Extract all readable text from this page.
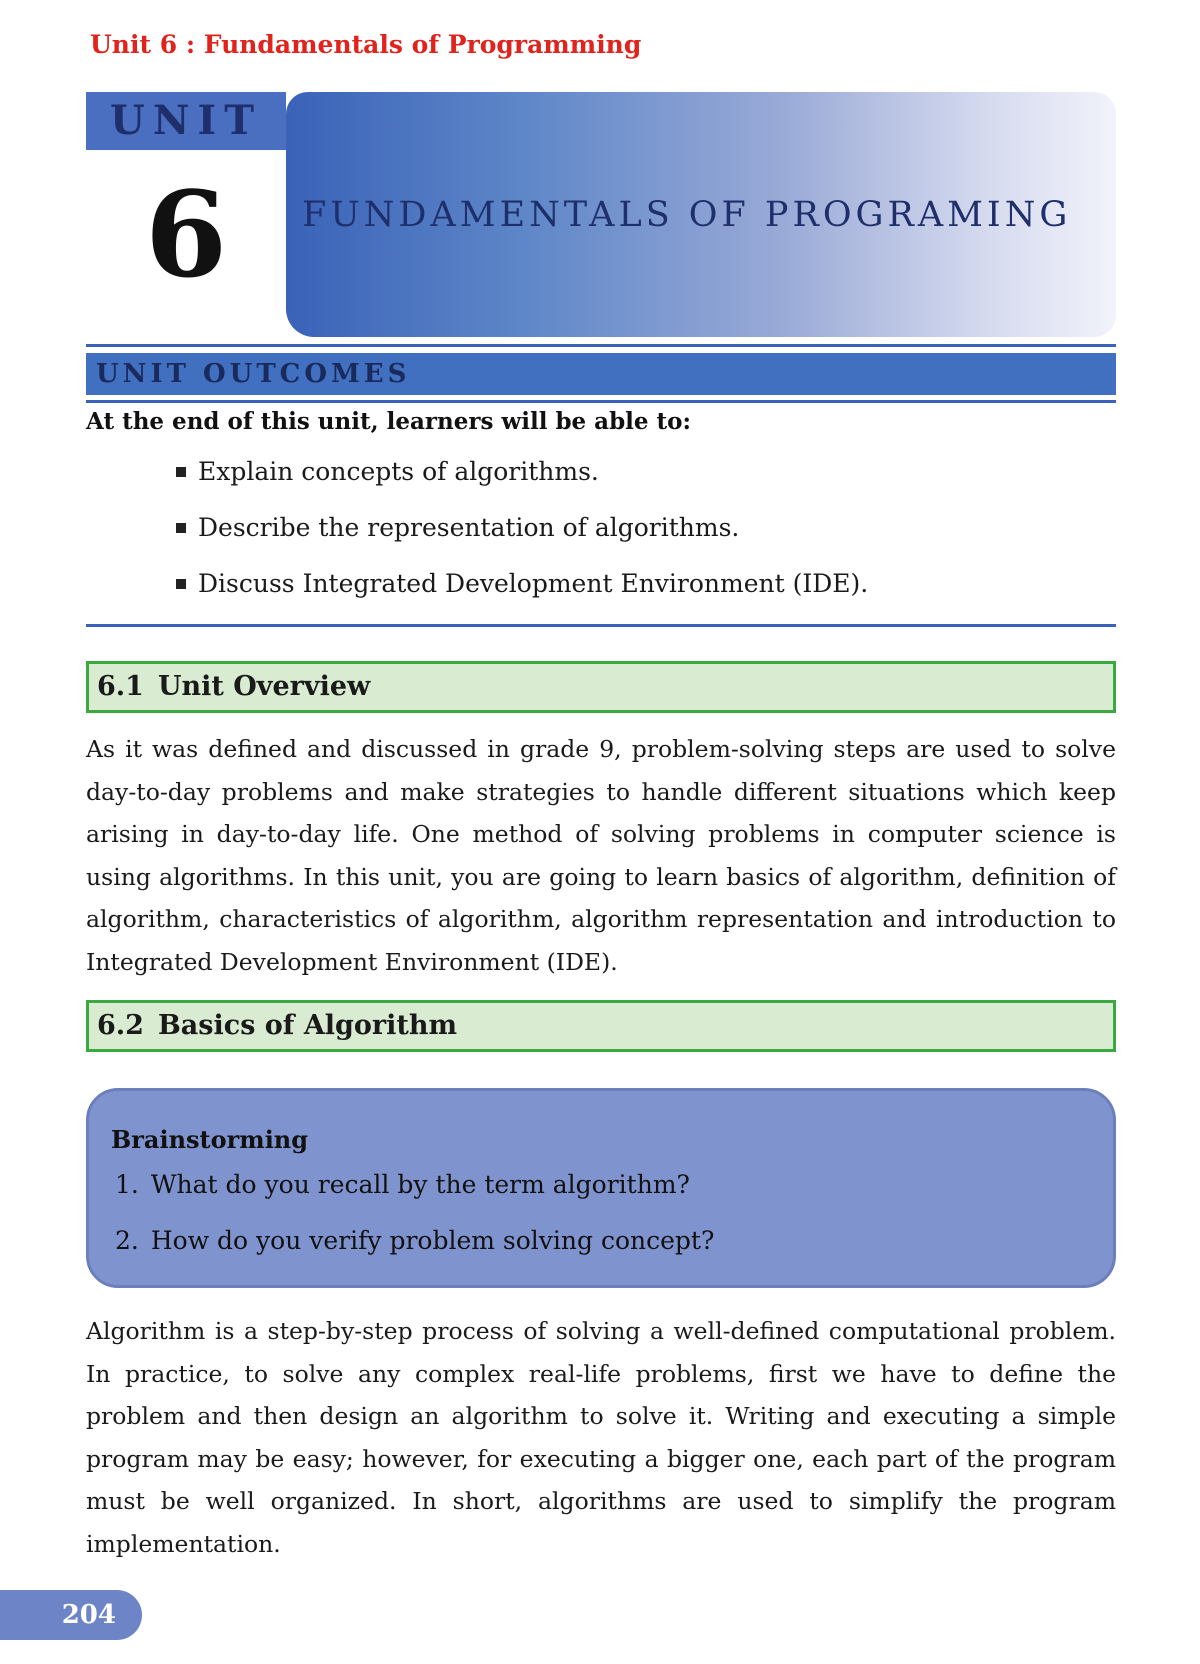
Unit 6 : Fundamentals of Programming
UNIT
6	FUNDAMENTALS OF PROGRAMING
UNIT OUTCOMES
At the end of this unit, learners will be able to:
Explain concepts of algorithms.
Describe the representation of algorithms.
Discuss Integrated Development Environment (IDE).
6.1 Unit Overview

As it was defined and discussed in grade 9, problem-solving steps are used to solve day-to-day problems and make strategies to handle different situations which keep arising in day-to-day life. One method of solving problems in computer science is using algorithms. In this unit, you are going to learn basics of algorithm, definition of algorithm, characteristics of algorithm, algorithm representation and introduction to Integrated Development Environment (IDE).

6.2 Basics of Algorithm
Brainstorming
1. What do you recall by the term algorithm?
2. How do you verify problem solving concept?

Algorithm is a step-by-step process of solving a well-defined computational problem. In practice, to solve any complex real-life problems, first we have to define the problem and then design an algorithm to solve it. Writing and executing a simple program may be easy; however, for executing a bigger one, each part of the program must be well organized. In short, algorithms are used to simplify the program implementation.

204
